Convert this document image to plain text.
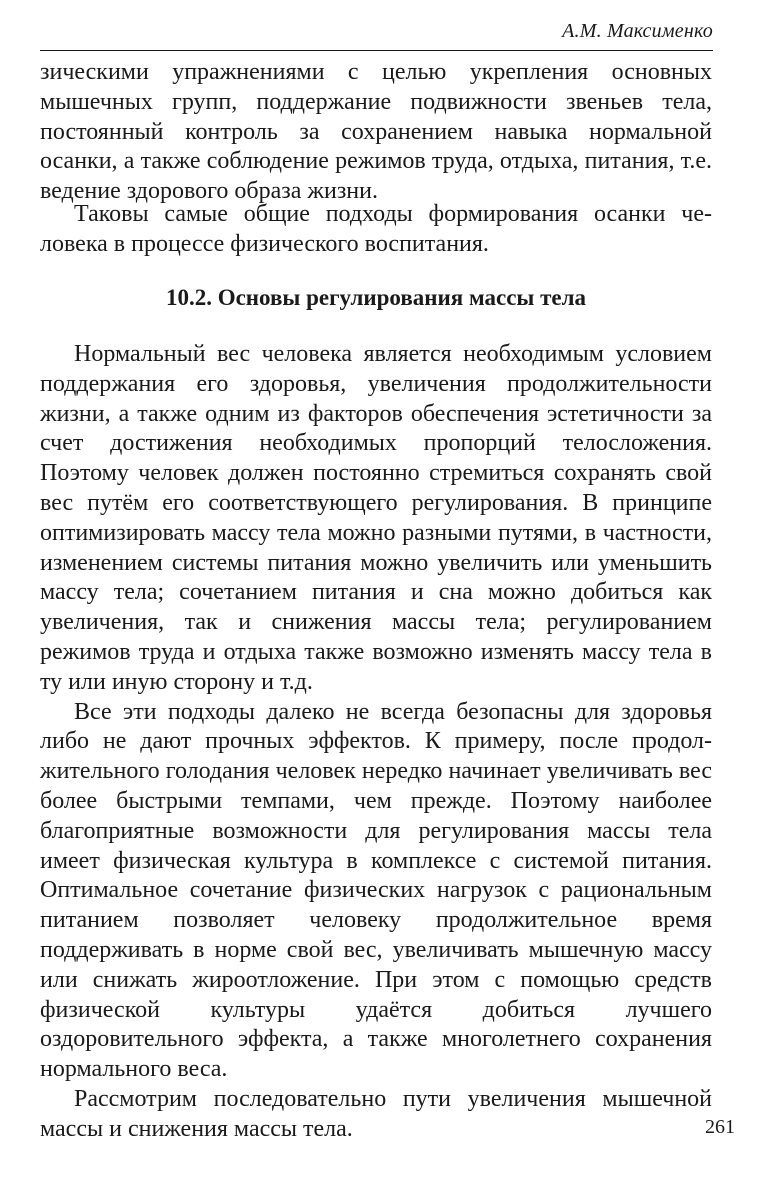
А.М. Максименко

зическими упражнениями с целью укрепления основных мышечных групп, поддержание подвижности звеньев тела, постоянный контроль за сохранением навыка нормальной осанки, а также соблюдение режимов труда, отдыха, питания, т.е. ведение здорового образа жизни.

Таковы самые общие подходы формирования осанки человека в процессе физического воспитания.

10.2. Основы регулирования массы тела

Нормальный вес человека является необходимым условием поддержания его здоровья, увеличения продолжительности жизни, а также одним из факторов обеспечения эстетичности за счет достижения необходимых пропорций телосложения. Поэтому человек должен постоянно стремиться сохранять свой вес путём его соответствующего регулирования. В принципе оптимизировать массу тела можно разными путями, в частности, изменением системы питания можно увеличить или уменьшить массу тела; сочетанием питания и сна можно добиться как увеличения, так и снижения массы тела; регулированием режимов труда и отдыха также возможно изменять массу тела в ту или иную сторону и т.д.

Все эти подходы далеко не всегда безопасны для здоровья либо не дают прочных эффектов. К примеру, после продолжительного голодания человек нередко начинает увеличивать вес более быстрыми темпами, чем прежде. Поэтому наиболее благоприятные возможности для регулирования массы тела имеет физическая культура в комплексе с системой питания. Оптимальное сочетание физических нагрузок с рациональным питанием позволяет человеку продолжительное время поддерживать в норме свой вес, увеличивать мышечную массу или снижать жироотложение. При этом с помощью средств физической культуры удаётся добиться лучшего оздоровительного эффекта, а также многолетнего сохранения нормального веса.

Рассмотрим последовательно пути увеличения мышечной массы и снижения массы тела.	261
